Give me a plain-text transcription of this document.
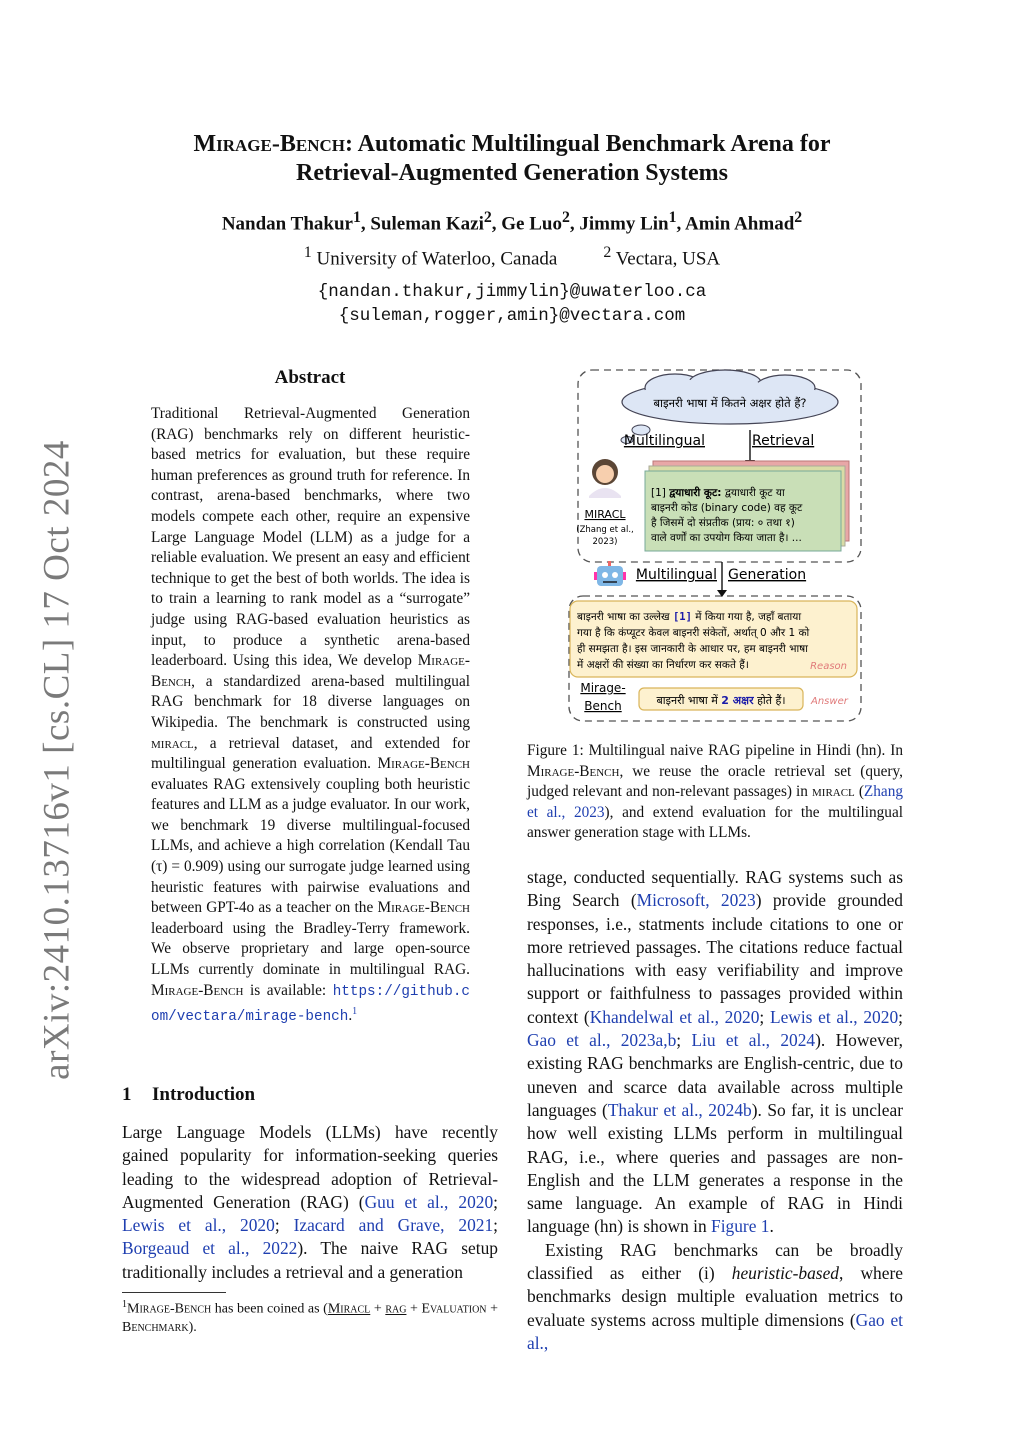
arXiv:2410.13716v1 [cs.CL] 17 Oct 2024
Mirage-Bench: Automatic Multilingual Benchmark Arena for
Retrieval-Augmented Generation Systems
Nandan Thakur$^1$, Suleman Kazi$^2$, Ge Luo$^2$, Jimmy Lin$^1$, Amin Ahmad$^2$
$^1$ University of Waterloo, Canada	$^2$ Vectara, USA
{nandan.thakur,jimmylin}@uwaterloo.ca
{suleman,rogger,amin}@vectara.com
Abstract
Traditional Retrieval-Augmented Generation (RAG) benchmarks rely on different heuristic-based metrics for evaluation, but these require human preferences as ground truth for reference. In contrast, arena-based benchmarks, where two models compete each other, require an expensive Large Language Model (LLM) as a judge for a reliable evaluation. We present an easy and efficient technique to get the best of both worlds. The idea is to train a learning to rank model as a “surrogate” judge using RAG-based evaluation heuristics as input, to produce a synthetic arena-based leaderboard. Using this idea, We develop Mirage-Bench, a standardized arena-based multilingual RAG benchmark for 18 diverse languages on Wikipedia. The benchmark is constructed using miracl, a retrieval dataset, and extended for multilingual generation evaluation. Mirage-Bench evaluates RAG extensively coupling both heuristic features and LLM as a judge evaluator. In our work, we benchmark 19 diverse multilingual-focused LLMs, and achieve a high correlation (Kendall Tau (τ) = 0.909) using our surrogate judge learned using heuristic features with pairwise evaluations and between GPT-4o as a teacher on the Mirage-Bench leaderboard using the Bradley-Terry framework. We observe proprietary and large open-source LLMs currently dominate in multilingual RAG. Mirage-Bench is available: https://github.com/vectara/mirage-bench.$^1$
1 Introduction
Large Language Models (LLMs) have recently gained popularity for information-seeking queries leading to the widespread adoption of Retrieval-Augmented Generation (RAG) (Guu et al., 2020; Lewis et al., 2020; Izacard and Grave, 2021; Borgeaud et al., 2022). The naive RAG setup traditionally includes a retrieval and a generation
$^1$Mirage-Bench has been coined as (Miracl + rag + Evaluation + Benchmark).
बाइनरी भाषा में कितने अक्षर होते हैं?
Multilingual	Retrieval
MIRACL
(Zhang et al.,
2023)
[1] द्वयाधारी कूट: द्वयाधारी कूट या
बाइनरी कोड (binary code) वह कूट
है जिसमें दो संप्रतीक (प्राय: ० तथा १)
वाले वर्णों का उपयोग किया जाता है। ...
Multilingual Generation
बाइनरी भाषा का उल्लेख [1] में किया गया है, जहाँ बताया
गया है कि कंप्यूटर केवल बाइनरी संकेतों, अर्थात् 0 और 1 को
ही समझता है। इस जानकारी के आधार पर, हम बाइनरी भाषा
में अक्षरों की संख्या का निर्धारण कर सकते हैं।	Reason
Mirage-
Bench	बाइनरी भाषा में 2 अक्षर होते हैं।	Answer
Figure 1: Multilingual naive RAG pipeline in Hindi (hn). In Mirage-Bench, we reuse the oracle retrieval set (query, judged relevant and non-relevant passages) in miracl (Zhang et al., 2023), and extend evaluation for the multilingual answer generation stage with LLMs.

stage, conducted sequentially. RAG systems such as Bing Search (Microsoft, 2023) provide grounded responses, i.e., statments include citations to one or more retrieved passages. The citations reduce factual hallucinations with easy verifiability and improve support or faithfulness to passages provided within context (Khandelwal et al., 2020; Lewis et al., 2020; Gao et al., 2023a,b; Liu et al., 2024). However, existing RAG benchmarks are English-centric, due to uneven and scarce data available across multiple languages (Thakur et al., 2024b). So far, it is unclear how well existing LLMs perform in multilingual RAG, i.e., where queries and passages are non-English and the LLM generates a response in the same language. An example of RAG in Hindi language (hn) is shown in Figure 1.

Existing RAG benchmarks can be broadly classified as either (i) heuristic-based, where benchmarks design multiple evaluation metrics to evaluate systems across multiple dimensions (Gao et al.,
